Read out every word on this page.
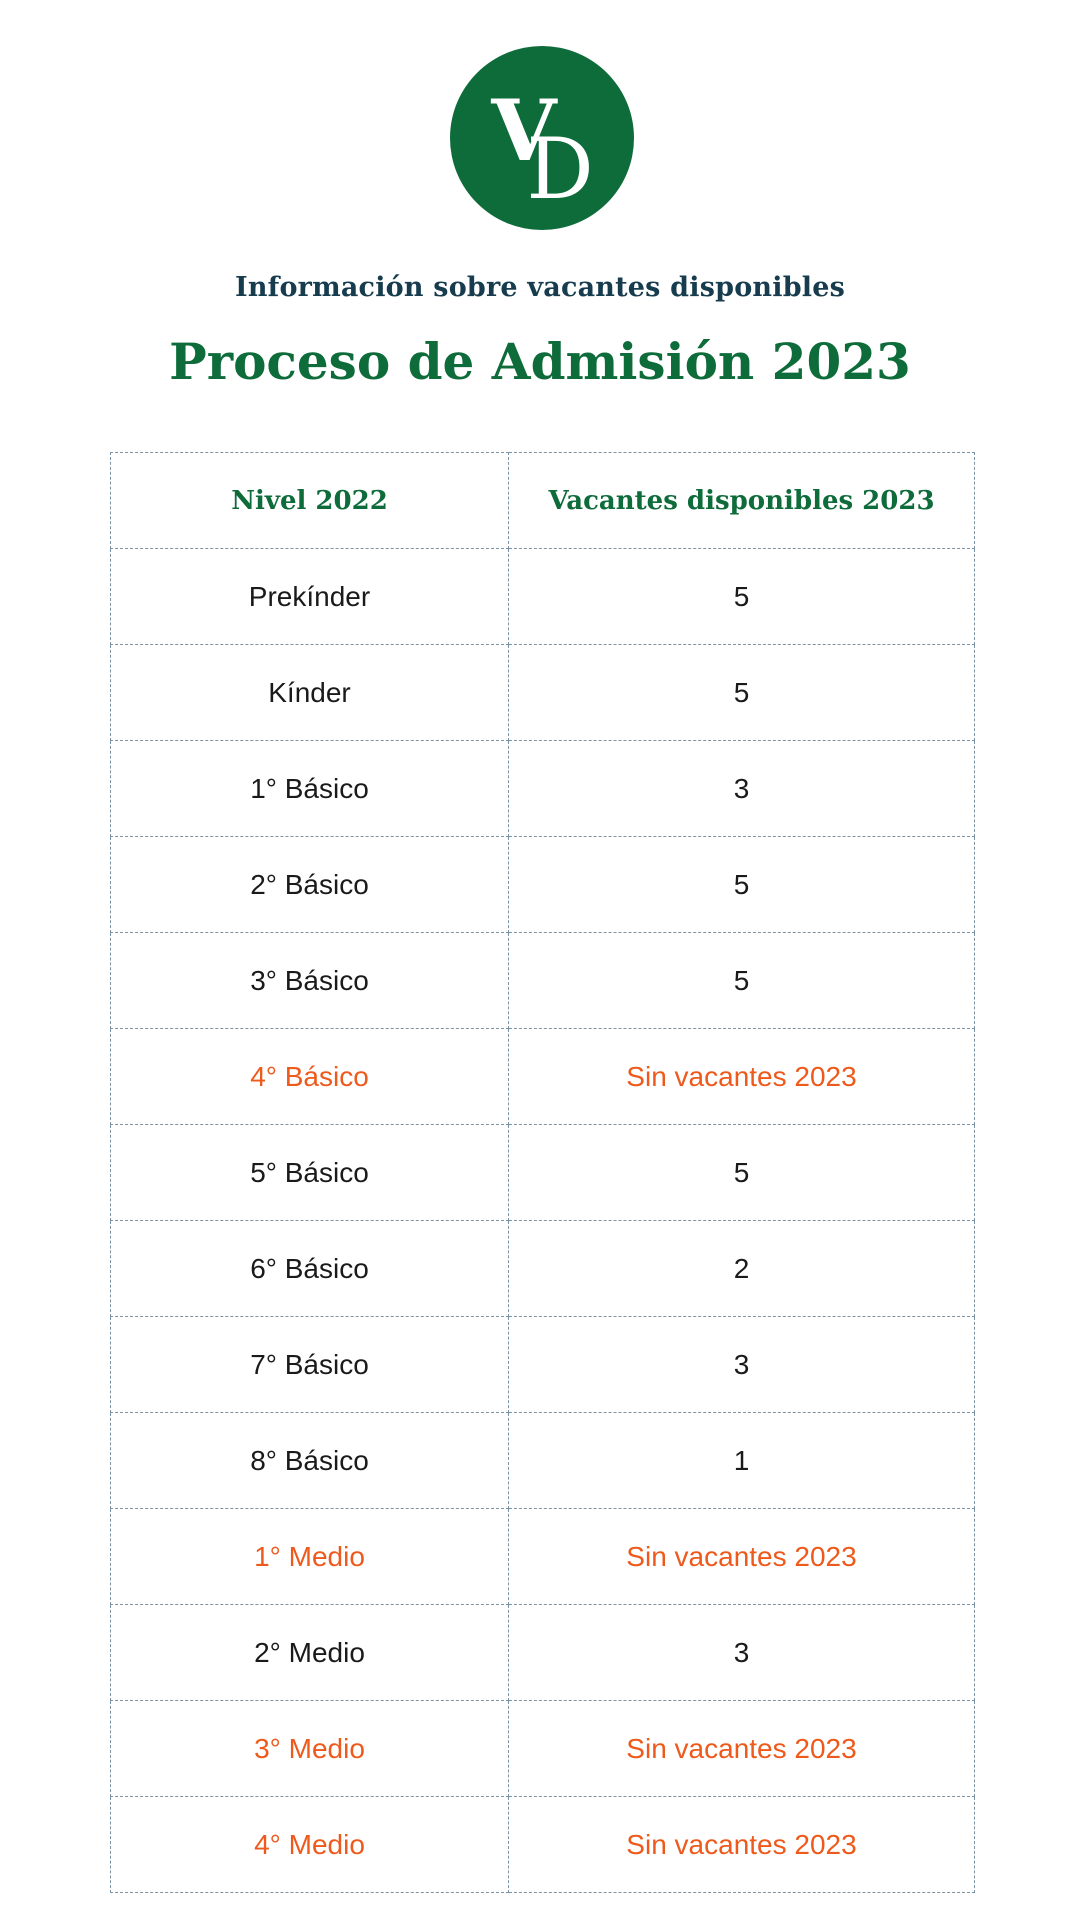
V
D
Información sobre vacantes disponibles
Proceso de Admisión 2023
Nivel 2022	Vacantes disponibles 2023
Prekínder	5
Kínder	5
1° Básico	3
2° Básico	5
3° Básico	5
4° Básico	Sin vacantes 2023
5° Básico	5
6° Básico	2
7° Básico	3
8° Básico	1
1° Medio	Sin vacantes 2023
2° Medio	3
3° Medio	Sin vacantes 2023
4° Medio	Sin vacantes 2023
